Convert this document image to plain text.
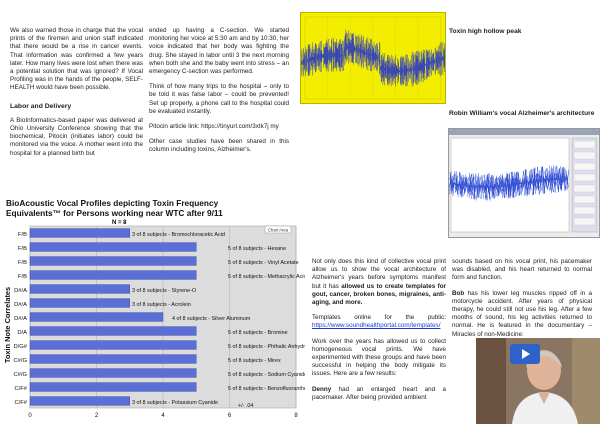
We also warned those in charge that the vocal prints of the firemen and union staff indicated that there would be a rise in cancer events. That information was confirmed a few years later. How many lives were lost when there was a potential solution that was ignored? If Vocal Profiling was in the hands of the people, SELF-HEALTH would have been possible.

Labor and Delivery

A BioInformatics-based paper was delivered at Ohio University Conference showing that the biochemical, Pitocin (initiates labor) could be monitored via the voice. A mother went into the hospital for a planned birth but

ended up having a C-section. We started monitoring her voice at 5:30 am and by 10:30, her voice indicated that her body was fighting the drug. She stayed in labor until 3 the next morning when both she and the baby went into stress – an emergency C-section was performed.

Think of how many trips to the hospital – only to be told it was false labor – could be prevented! Set up properly, a phone call to the hospital could be evaluated instantly.

Pitocin article link: https://tinyurl.com/3xtk7j my

Other case studies have been shared in this column including toxins, Alzheimer's.

Toxin high hollow peak
Robin William's vocal Alzheimer's architecture
BioAcoustic Vocal Profiles depicting Toxin Frequency Equivalents™ for Persons working near WTC after 9/11
N = 8
3 of 8 subjects - Bromochloracetic Acid
F/B
5 of 8 subjects - Hexane
F/B
5 of 8 subjects - Vinyl Acetate
F/B
5 of 8 subjects - Methacrylic Acid
F/B
3 of 8 subjects - Styrene-O
D#/A
3 of 8 subjects - Acrolein
D#/A
4 of 8 subjects - Silver Aluminum
D#/A
5 of 8 subjects - Bromine
D/A
5 of 8 subjects - Phthalic Anhydride
D/G#
5 of 8 subjects - Mirex
C#/G
5 of 8 subjects - Sodium Cyanide
C#/G
5 of 8 subjects - Benzofluoranthene
C/F#
3 of 8 subjects - Potassium Cyanide
C/F#
0	2	4	6	8
Toxin Note Correlates
Chart Area
+/- .04

Not only does this kind of collective vocal print allow us to show the vocal architecture of Alzheimer's years before symptoms manifest but it has allowed us to create templates for gout, cancer, broken bones, migraines, anti-aging, and more.

Templates online for the public: https://www.soundhealthportal.com/templates/

Work over the years has allowed us to collect homogeneous vocal prints. We have experimented with these groups and have been successful in helping the body mitigate its issues. Here are a few results:

Denny had an enlarged heart and a pacemaker. After being provided ambient

sounds based on his vocal print, his pacemaker was disabled, and his heart returned to normal form and function.

Bob has his lower leg muscles ripped off in a motorcycle accident. After years of physical therapy, he could still not use his leg. After a few months of sound, his leg activities returned to normal. He is featured in the documentary – Miracles of non-Medicine:
